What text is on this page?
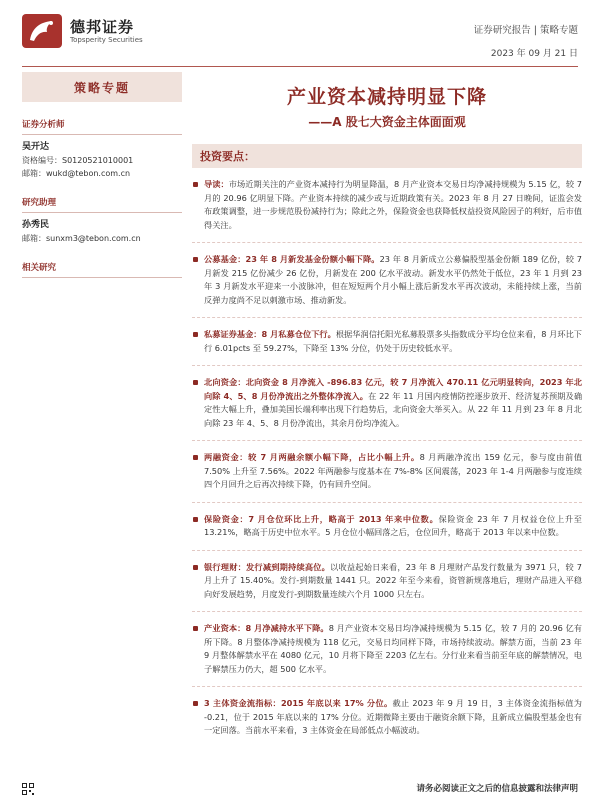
德邦证券
Topsperity Securities
证券研究报告 | 策略专题
2023 年 09 月 21 日
策略专题
证券分析师
吴开达
资格编号：S0120521010001
邮箱：wukd@tebon.com.cn
研究助理
孙秀民
邮箱：sunxm3@tebon.com.cn
相关研究
产业资本减持明显下降
——A 股七大资金主体面面观
投资要点：
导读：市场近期关注的产业资本减持行为明显降温，8 月产业资本交易日均净减持规模为 5.15 亿，较 7 月的 20.96 亿明显下降。产业资本持续的减少或与近期政策有关。2023 年 8 月 27 日晚间，证监会发布政策调整，进一步规范股份减持行为；除此之外，保险资金也获降低权益投资风险因子的利好，后市值得关注。
公募基金：23 年 8 月新发基金份额小幅下降。23 年 8 月新成立公募偏股型基金份额 189 亿份，较 7 月新发 215 亿份减少 26 亿份，月新发在 200 亿水平波动。新发水平仍然处于低位，23 年 1 月到 23 年 3 月新发水平迎来一小波脉冲，但在短短两个月小幅上涨后新发水平再次波动，未能持续上涨，当前反弹力度尚不足以刺激市场、推动新发。
私募证券基金：8 月私募仓位下行。根据华润信托阳光私募股票多头指数成分平均仓位来看，8 月环比下行 6.01pcts 至 59.27%，下降至 13% 分位，仍处于历史较低水平。
北向资金：北向资金 8 月净流入 -896.83 亿元，较 7 月净流入 470.11 亿元明显转向，2023 年北向除 4、5、8 月份净流出之外整体净流入。在 22 年 11 月国内疫情防控逐步放开、经济复苏预期及确定性大幅上升，叠加美国长端利率出现下行趋势后，北向资金大举买入。从 22 年 11 月到 23 年 8 月北向除 23 年 4、5、8 月份净流出，其余月份均净流入。
两融资金：较 7 月两融余额小幅下降，占比小幅上升。8 月两融净流出 159 亿元，参与度由前值 7.50% 上升至 7.56%。2022 年两融参与度基本在 7%-8% 区间震荡，2023 年 1-4 月两融参与度连续四个月回升之后再次持续下降，仍有回升空间。
保险资金：7 月仓位环比上升，略高于 2013 年来中位数。保险资金 23 年 7 月权益仓位上升至 13.21%，略高于历史中位水平。5 月仓位小幅回落之后，仓位回升，略高于 2013 年以来中位数。
银行理财：发行减到期持续高位。以收益起始日来看，23 年 8 月理财产品发行数量为 3971 只，较 7 月上升了 15.40%。发行-到期数量 1441 只。2022 年至今来看，资管新规落地后，理财产品进入平稳向好发展趋势，月度发行-到期数量连续六个月 1000 只左右。
产业资本：8 月净减持水平下降。8 月产业资本交易日均净减持规模为 5.15 亿，较 7 月的 20.96 亿有所下降。8 月整体净减持规模为 118 亿元，交易日均同样下降，市场持续波动。解禁方面，当前 23 年 9 月整体解禁水平在 4080 亿元，10 月将下降至 2203 亿左右。分行业来看当前至年底的解禁情况，电子解禁压力仍大，超 500 亿水平。
3 主体资金流指标：2015 年底以来 17% 分位。截止 2023 年 9 月 19 日，3 主体资金流指标值为 -0.21，位于 2015 年底以来的 17% 分位。近期微降主要由于融资余额下降，且新成立偏股型基金也有一定回落。当前水平来看，3 主体资金在局部低点小幅波动。
请务必阅读正文之后的信息披露和法律声明
